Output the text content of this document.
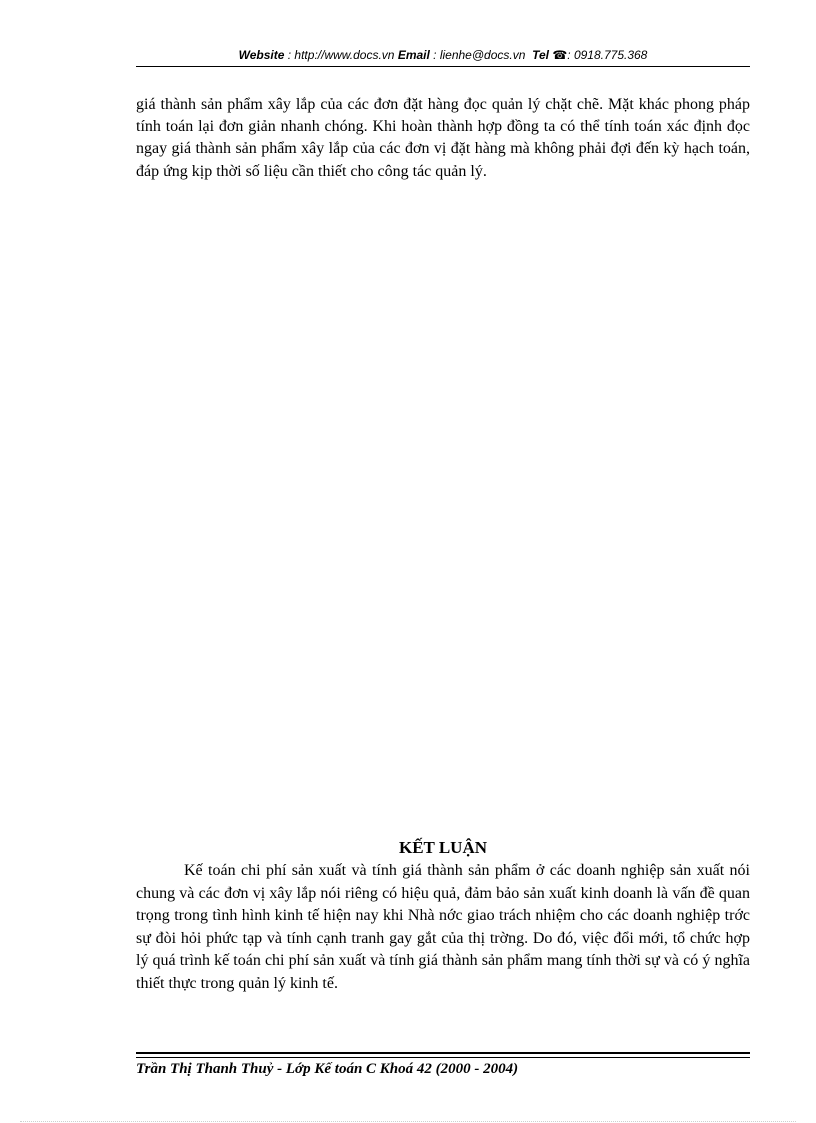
Website : http://www.docs.vn Email : lienhe@docs.vn  Tel ☎: 0918.775.368

giá thành sản phẩm xây lắp của các đơn đặt hàng đọc quản lý chặt chẽ. Mặt khác phong pháp tính toán lại đơn giản nhanh chóng. Khi hoàn thành hợp đồng ta có thể tính toán xác định đọc ngay giá thành sản phẩm xây lắp của các đơn vị đặt hàng mà không phải đợi đến kỳ hạch toán, đáp ứng kịp thời số liệu cần thiết cho công tác quản lý.

KẾT LUẬN

Kế toán chi phí sản xuất và tính giá thành sản phẩm ở các doanh nghiệp sản xuất nói chung và các đơn vị xây lắp nói riêng có hiệu quả, đảm bảo sản xuất kinh doanh là vấn đề quan trọng trong tình hình kinh tế hiện nay khi Nhà nớc giao trách nhiệm cho các doanh nghiệp trớc sự đòi hỏi phức tạp và tính cạnh tranh gay gắt của thị trờng. Do đó, việc đổi mới, tổ chức hợp lý quá trình kế toán chi phí sản xuất và tính giá thành sản phẩm mang tính thời sự và có ý nghĩa thiết thực trong quản lý kinh tế.

Trần Thị Thanh Thuỷ - Lớp Kế toán C Khoá 42 (2000 - 2004)
